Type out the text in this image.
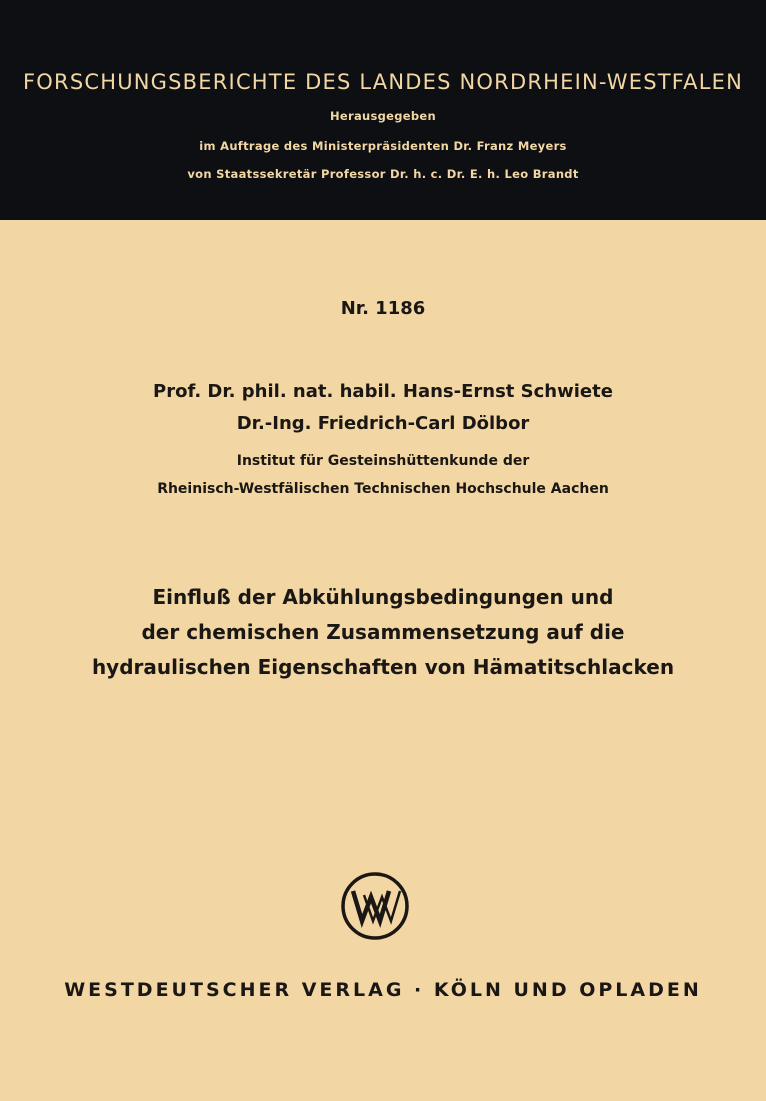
FORSCHUNGSBERICHTE DES LANDES NORDRHEIN-WESTFALEN
Herausgegeben
im Auftrage des Ministerpräsidenten Dr. Franz Meyers
von Staatssekretär Professor Dr. h. c. Dr. E. h. Leo Brandt
Nr. 1186
Prof. Dr. phil. nat. habil. Hans-Ernst Schwiete
Dr.-Ing. Friedrich-Carl Dölbor
Institut für Gesteinshüttenkunde der
Rheinisch-Westfälischen Technischen Hochschule Aachen
Einfluß der Abkühlungsbedingungen und
der chemischen Zusammensetzung auf die
hydraulischen Eigenschaften von Hämatitschlacken
WESTDEUTSCHER VERLAG · KÖLN UND OPLADEN
